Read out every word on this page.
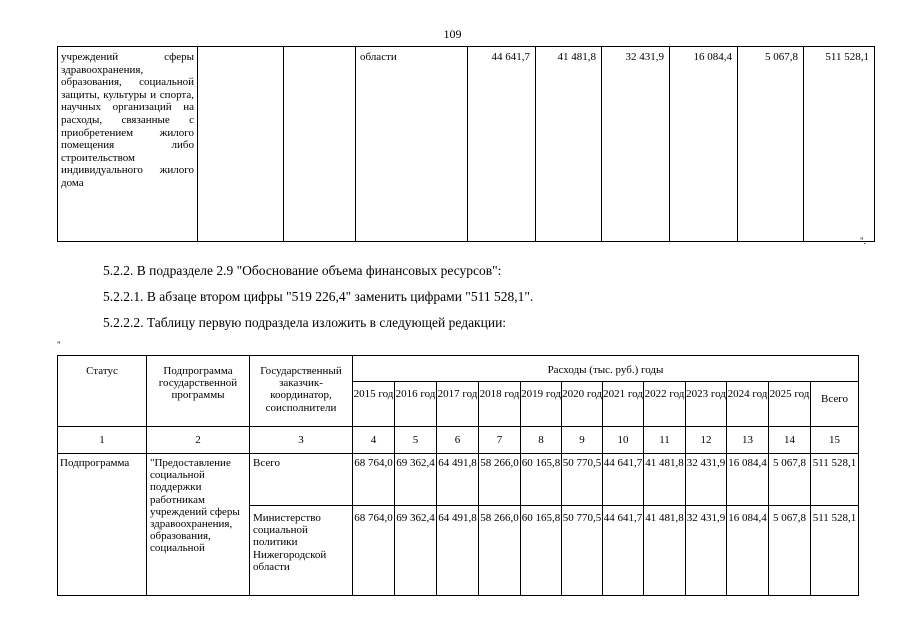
109
учреждений сферы здравоохранения, образования, социальной защиты, культуры и спорта, научных организаций на расходы, связанные с приобретением жилого помещения либо строительством индивидуального жилого дома			области	44 641,7	41 481,8	32 431,9	16 084,4	5 067,8	511 528,1
".
5.2.2. В подразделе 2.9 "Обоснование объема финансовых ресурсов":
5.2.2.1. В абзаце втором цифры "519 226,4" заменить цифрами "511 528,1".
5.2.2.2. Таблицу первую подраздела изложить в следующей редакции:
"
Статус	Подпрограмма государственной программы	Государственный заказчик-координатор, соисполнители	Расходы (тыс. руб.) годы											
			2015 год	2016 год	2017 год	2018 год	2019 год	2020 год	2021 год	2022 год	2023 год	2024 год	2025 год	Всего
1	2	3	4	5	6	7	8	9	10	11	12	13	14	15
Подпрограмма	"Предоставление социальной поддержки работникам учреждений сферы здравоохранения, образования, социальной	Всего	68 764,0	69 362,4	64 491,8	58 266,0	60 165,8	50 770,5	44 641,7	41 481,8	32 431,9	16 084,4	5 067,8	511 528,1
		Министерство социальной политики Нижегородской области	68 764,0	69 362,4	64 491,8	58 266,0	60 165,8	50 770,5	44 641,7	41 481,8	32 431,9	16 084,4	5 067,8	511 528,1
